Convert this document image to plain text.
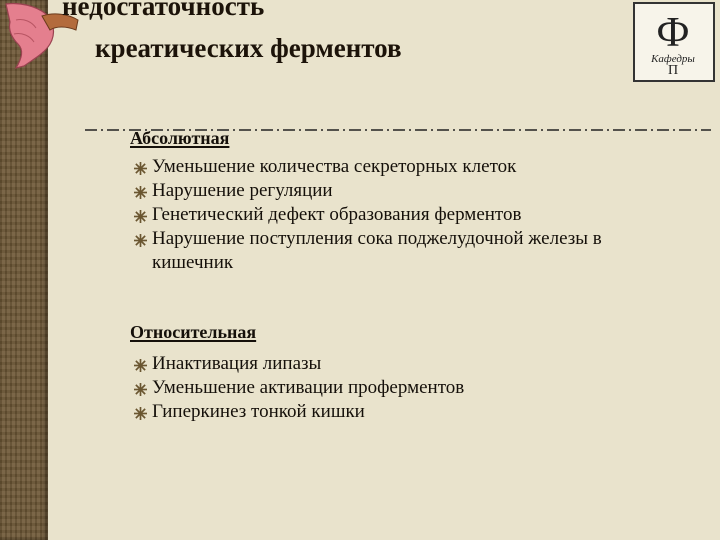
недостаточность
креатических ферментов	Ф
Кафедры
П
Абсолютная
Уменьшение количества секреторных клеток
Нарушение регуляции
Генетический дефект образования ферментов
Нарушение поступления сока поджелудочной железы в кишечник
Относительная
Инактивация липазы
Уменьшение активации проферментов
Гиперкинез тонкой кишки
